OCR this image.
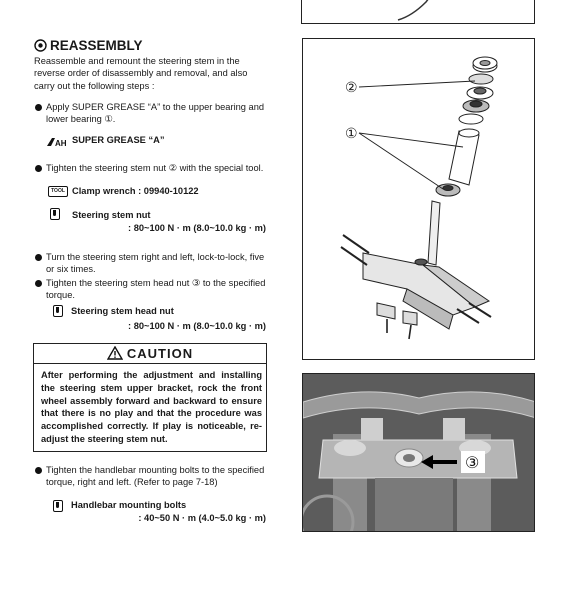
REASSEMBLY
Reassemble and remount the steering stem in the reverse order of disassembly and removal, and also carry out the following steps :
Apply SUPER GREASE “A” to the upper bearing and lower bearing ①.
AH SUPER GREASE “A”
Tighten the steering stem nut ② with the special tool.
TOOL Clamp wrench : 09940-10122
Steering stem nut
: 80~100 N · m (8.0~10.0 kg · m)
Turn the steering stem right and left, lock-to-lock, five or six times.
Tighten the steering stem head nut ③ to the specified torque.
Steering stem head nut
: 80~100 N · m (8.0~10.0 kg · m)
CAUTION
After performing the adjustment and installing the steering stem upper bracket, rock the front wheel assembly forward and backward to ensure that there is no play and that the procedure was accomplished correctly. If play is noticeable, re-adjust the steering stem nut.
Tighten the handlebar mounting bolts to the specified torque, right and left. (Refer to page 7-18)
Handlebar mounting bolts
: 40~50 N · m (4.0~5.0 kg · m)
②
①
③
